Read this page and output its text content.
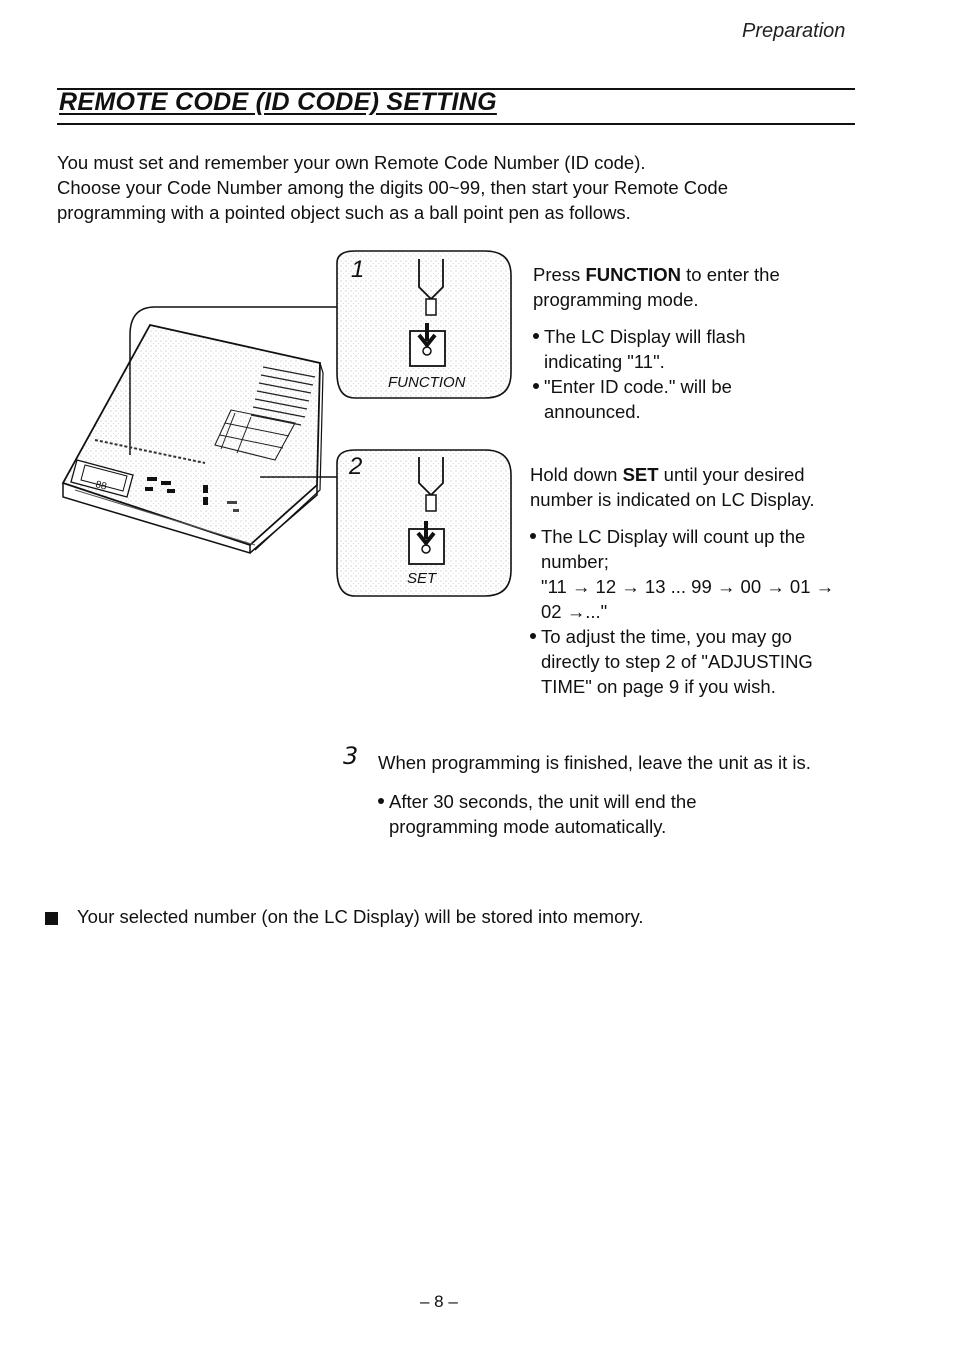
Preparation
REMOTE CODE (ID CODE) SETTING

You must set and remember your own Remote Code Number (ID code).

Choose your Code Number among the digits 00~99, then start your Remote Code

programming with a pointed object such as a ball point pen as follows.

88
1
FUNCTION
2
SET

Press FUNCTION to enter the programming mode.

The LC Display will flash indicating "11".

"Enter ID code." will be announced.

Hold down SET until your desired number is indicated on LC Display.

The LC Display will count up the number;

"11 → 12 → 13 ... 99 → 00 → 01 → 02 →..."

To adjust the time, you may go directly to step 2 of "ADJUSTING TIME" on page 9 if you wish.

3 When programming is finished, leave the unit as it is.

After 30 seconds, the unit will end the programming mode automatically.

Your selected number (on the LC Display) will be stored into memory.
– 8 –
